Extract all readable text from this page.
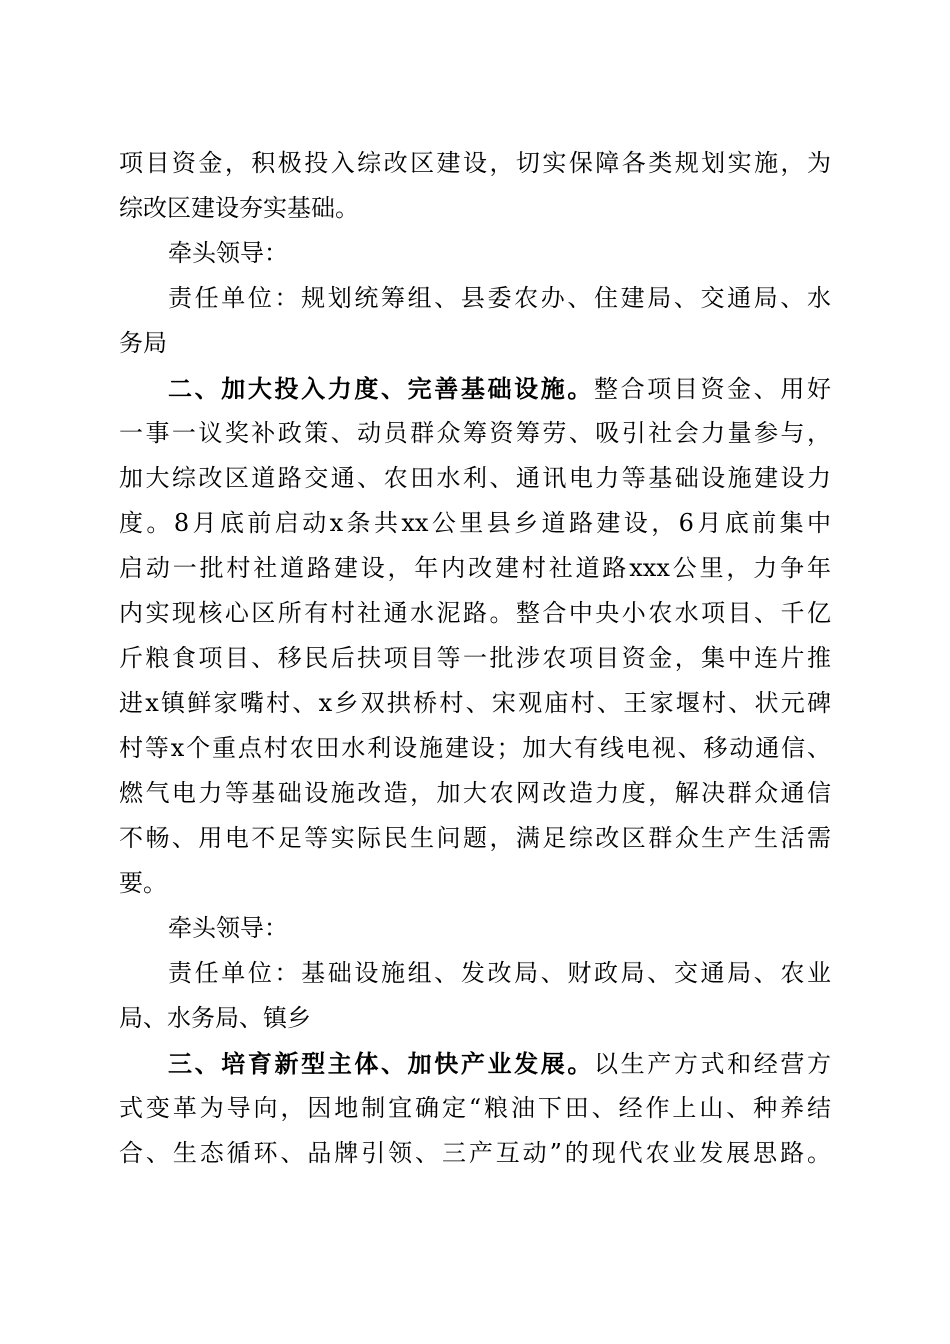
项目资金，积极投入综改区建设，切实保障各类规划实施，为
综改区建设夯实基础。
牵头领导：
责任单位：规划统筹组、县委农办、住建局、交通局、水
务局
二、加大投入力度、完善基础设施。整合项目资金、用好
一事一议奖补政策、动员群众筹资筹劳、吸引社会力量参与，
加大综改区道路交通、农田水利、通讯电力等基础设施建设力
度。8月底前启动x条共xx公里县乡道路建设，6月底前集中
启动一批村社道路建设，年内改建村社道路xxx公里，力争年
内实现核心区所有村社通水泥路。整合中央小农水项目、千亿
斤粮食项目、移民后扶项目等一批涉农项目资金，集中连片推
进x镇鲜家嘴村、x乡双拱桥村、宋观庙村、王家堰村、状元碑
村等x个重点村农田水利设施建设；加大有线电视、移动通信、
燃气电力等基础设施改造，加大农网改造力度，解决群众通信
不畅、用电不足等实际民生问题，满足综改区群众生产生活需
要。
牵头领导：
责任单位：基础设施组、发改局、财政局、交通局、农业
局、水务局、镇乡
三、培育新型主体、加快产业发展。以生产方式和经营方
式变革为导向，因地制宜确定“粮油下田、经作上山、种养结
合、生态循环、品牌引领、三产互动”的现代农业发展思路。
